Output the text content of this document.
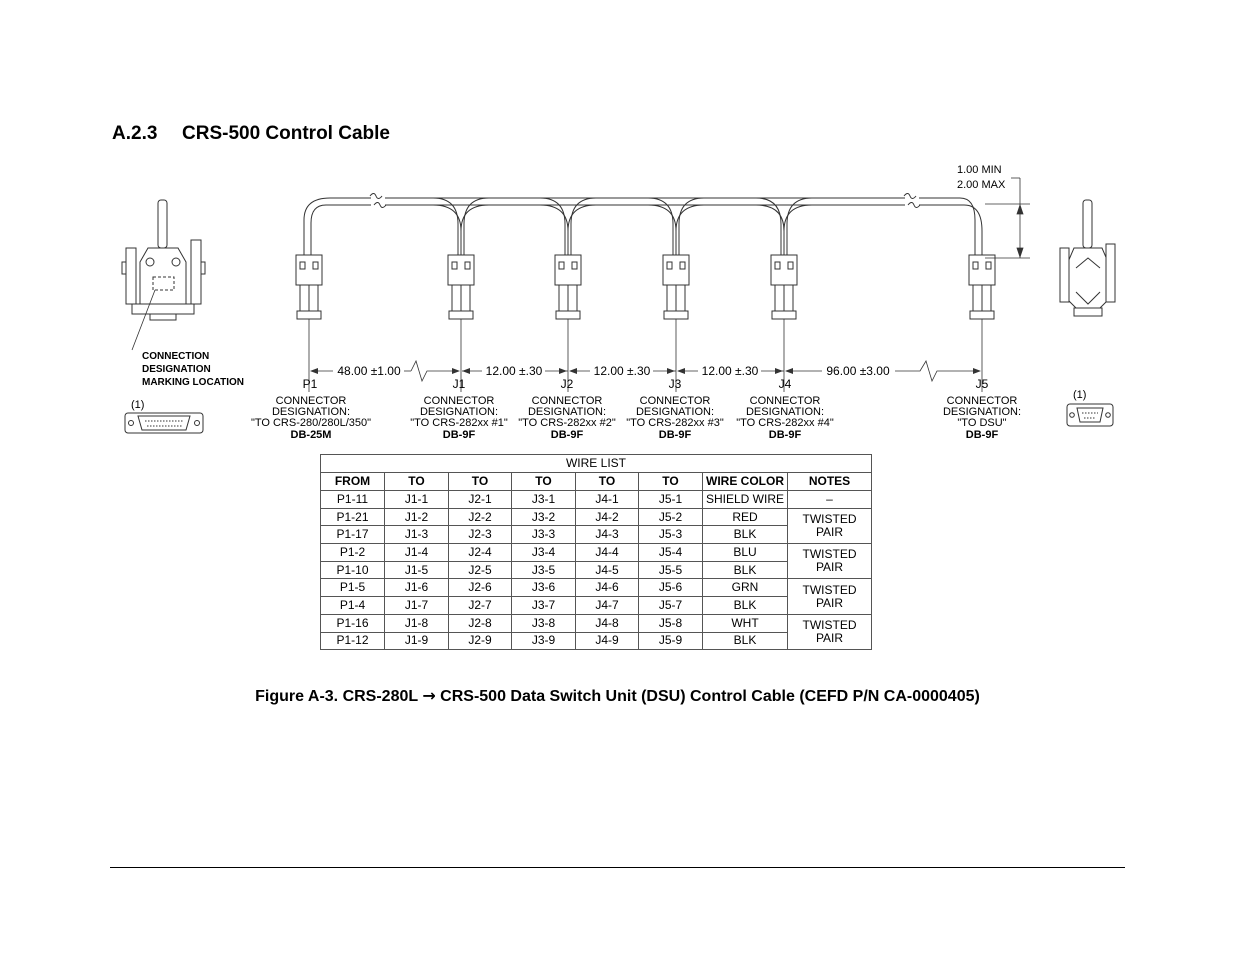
A.2.3 CRS-500 Control Cable
1.00 MIN
2.00 MAX
CONNECTION
DESIGNATION
MARKING LOCATION
(1)
(1)
48.00 ±1.00	12.00 ±.30	12.00 ±.30	12.00 ±.30	96.00 ±3.00
P1
CONNECTOR
DESIGNATION:
"TO CRS-280/280L/350"
DB-25M
J1
CONNECTOR
DESIGNATION:
"TO CRS-282xx #1"
DB-9F
J2
CONNECTOR
DESIGNATION:
"TO CRS-282xx #2"
DB-9F
J3
CONNECTOR
DESIGNATION:
"TO CRS-282xx #3"
DB-9F
J4
CONNECTOR
DESIGNATION:
"TO CRS-282xx #4"
DB-9F
J5
CONNECTOR
DESIGNATION:
"TO DSU"
DB-9F
WIRE LIST							
FROM	TO	TO	TO	TO	TO	WIRE COLOR	NOTES
P1-11	J1-1	J2-1	J3-1	J4-1	J5-1	SHIELD WIRE	–
P1-21	J1-2	J2-2	J3-2	J4-2	J5-2	RED	TWISTED
PAIR

P1-17	J1-3	J2-3	J3-3	J4-3	J5-3	BLK	
P1-2	J1-4	J2-4	J3-4	J4-4	J5-4	BLU	TWISTED
PAIR

P1-10	J1-5	J2-5	J3-5	J4-5	J5-5	BLK	
P1-5	J1-6	J2-6	J3-6	J4-6	J5-6	GRN	TWISTED
PAIR

P1-4	J1-7	J2-7	J3-7	J4-7	J5-7	BLK	
P1-16	J1-8	J2-8	J3-8	J4-8	J5-8	WHT	TWISTED
PAIR

P1-12	J1-9	J2-9	J3-9	J4-9	J5-9	BLK	
Figure A-3. CRS-280L → CRS-500 Data Switch Unit (DSU) Control Cable (CEFD P/N CA-0000405)
